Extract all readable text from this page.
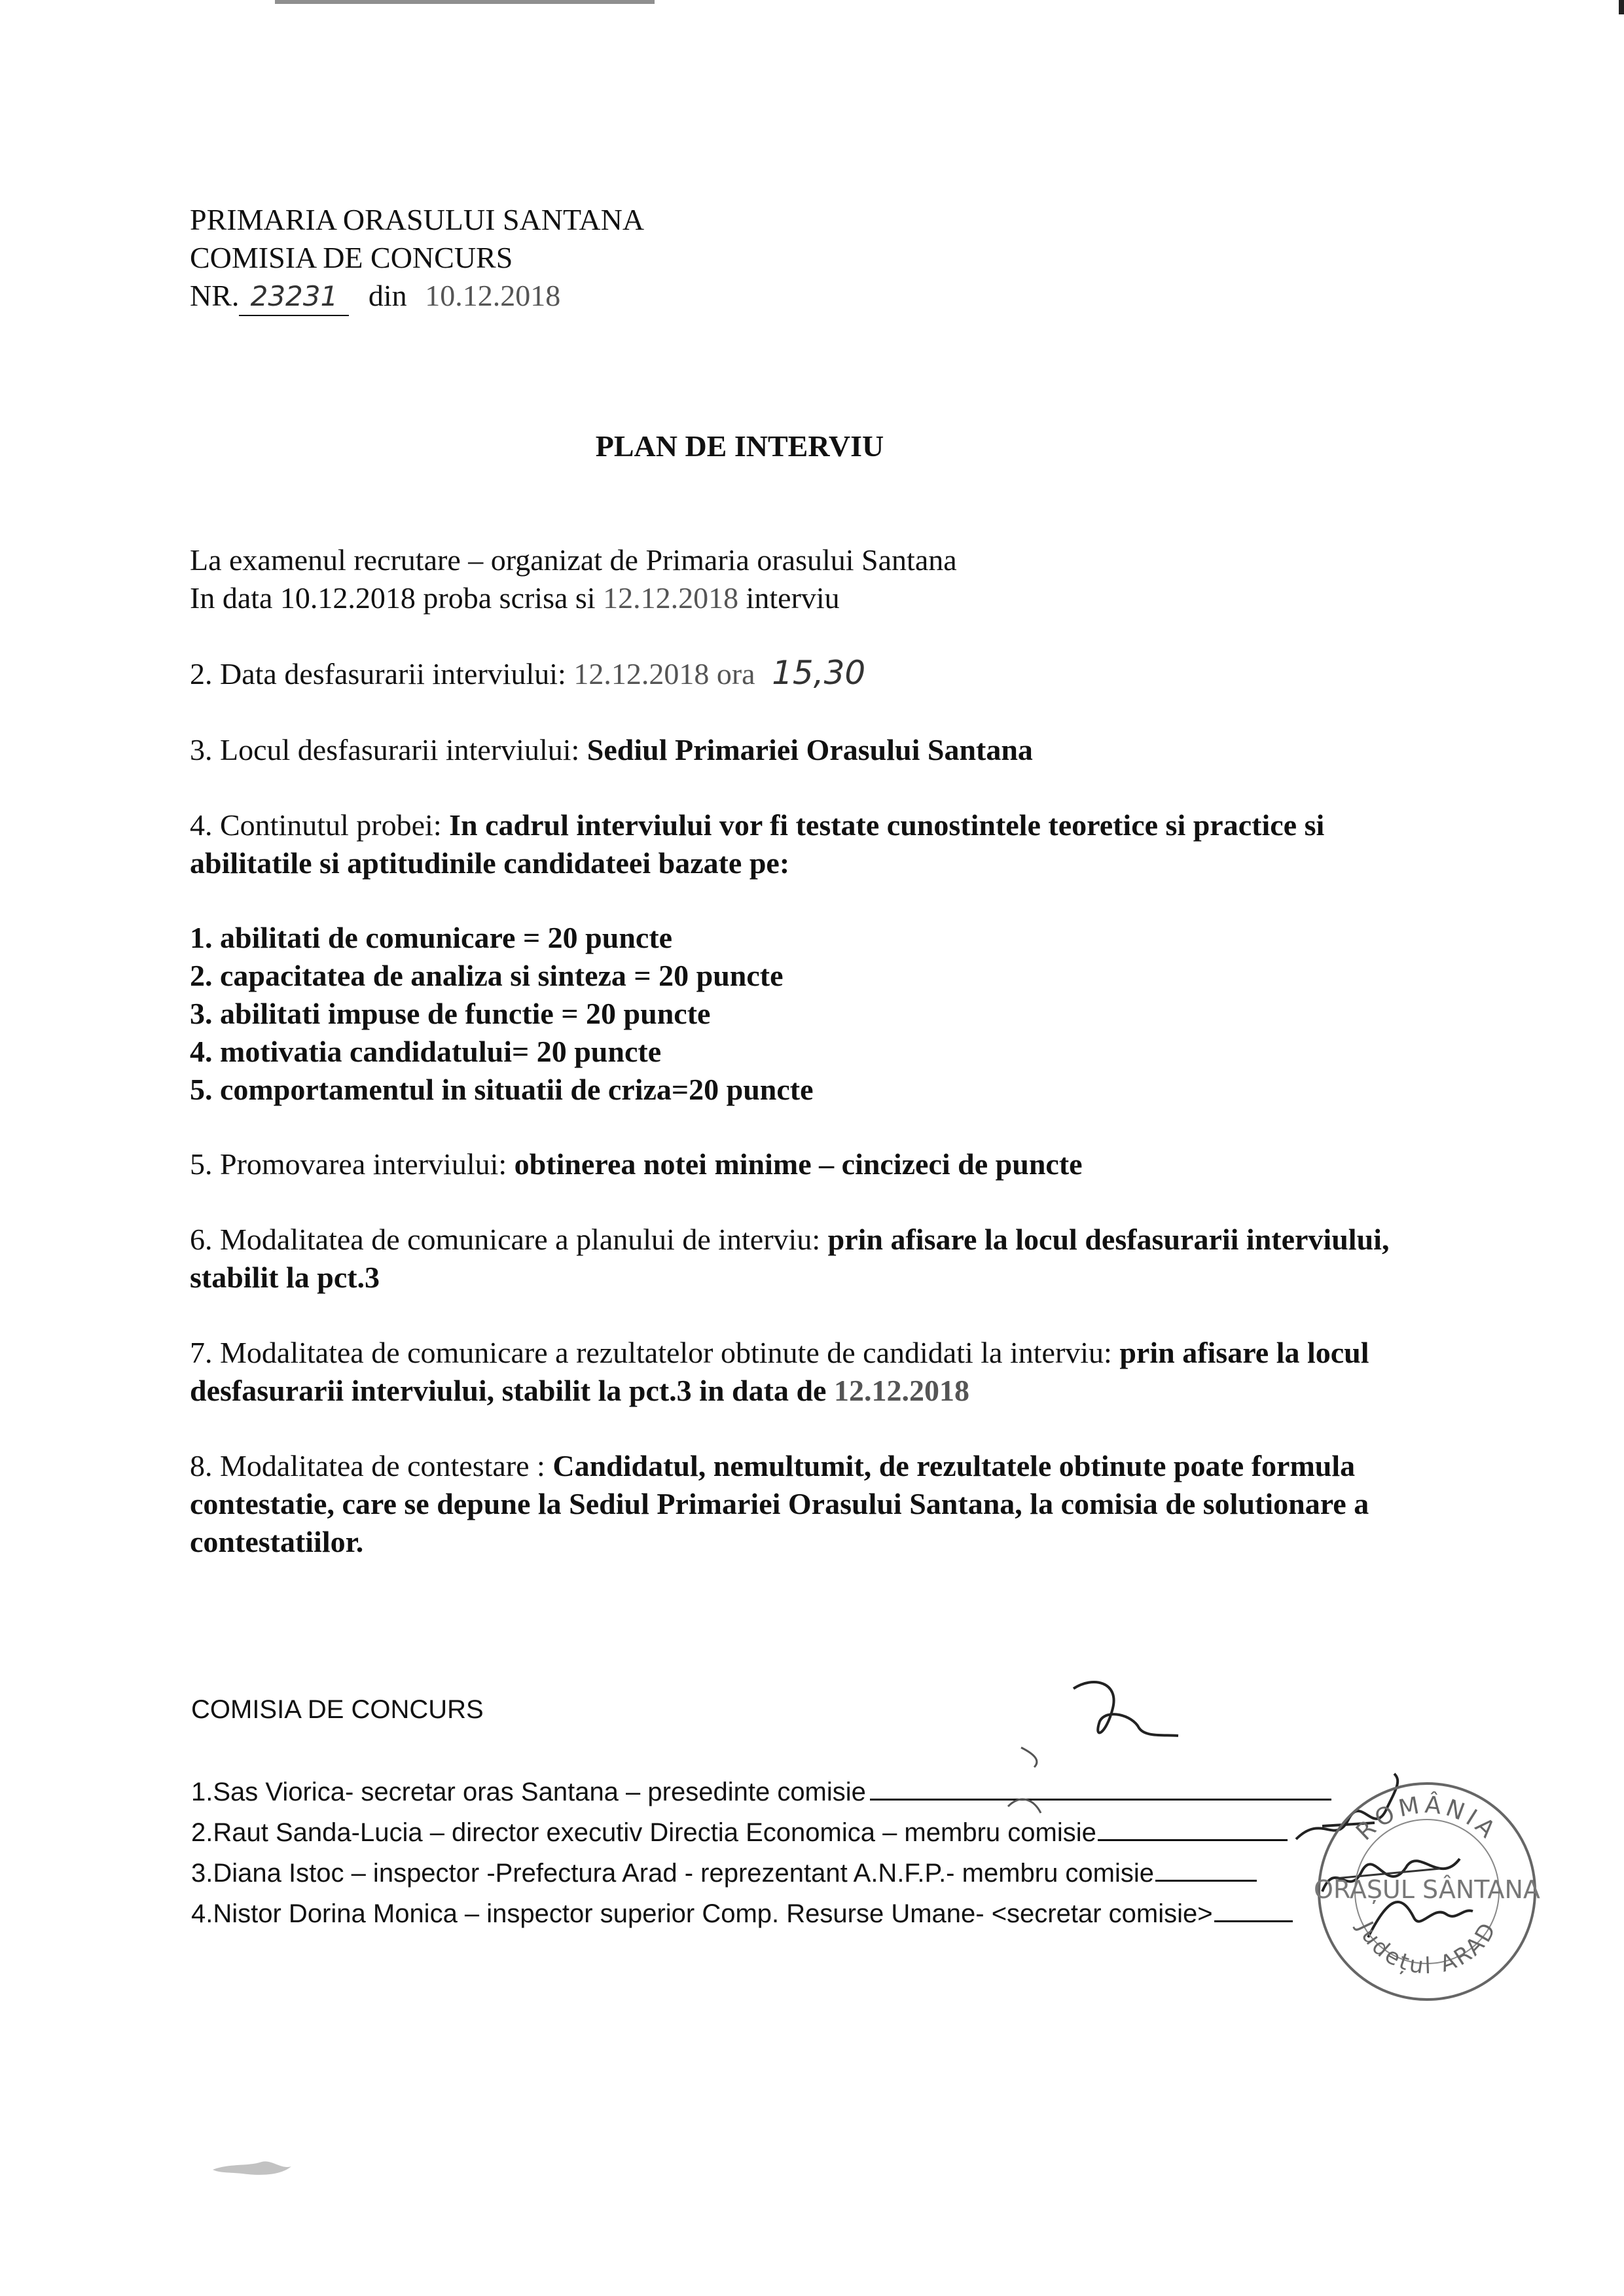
PRIMARIA ORASULUI SANTANA
COMISIA DE CONCURS
NR. 23231 din 10.12.2018
PLAN DE INTERVIU
La examenul recrutare – organizat de Primaria orasului Santana
In data 10.12.2018 proba scrisa si 12.12.2018 interviu
2. Data desfasurarii interviului: 12.12.2018 ora 15,30
3. Locul desfasurarii interviului: Sediul Primariei Orasului Santana
4. Continutul probei: In cadrul interviului vor fi testate cunostintele teoretice si practice si
abilitatile si aptitudinile candidateei bazate pe:
1. abilitati de comunicare = 20 puncte
2. capacitatea de analiza si sinteza = 20 puncte
3. abilitati impuse de functie = 20 puncte
4. motivatia candidatului= 20 puncte
5. comportamentul in situatii de criza=20 puncte
5. Promovarea interviului: obtinerea notei minime – cincizeci de puncte
6. Modalitatea de comunicare a planului de interviu: prin afisare la locul desfasurarii interviului,
stabilit la pct.3
7. Modalitatea de comunicare a rezultatelor obtinute de candidati la interviu: prin afisare la locul
desfasurarii interviului, stabilit la pct.3 in data de 12.12.2018
8. Modalitatea de contestare : Candidatul, nemultumit, de rezultatele obtinute poate formula
contestatie, care se depune la Sediul Primariei Orasului Santana, la comisia de solutionare a
contestatiilor.
COMISIA DE CONCURS
1.Sas Viorica- secretar oras Santana – presedinte comisie
2.Raut Sanda-Lucia – director executiv Directia Economica – membru comisie
3.Diana Istoc – inspector -Prefectura Arad - reprezentant A.N.F.P.- membru comisie
4.Nistor Dorina Monica – inspector superior Comp. Resurse Umane- <secretar comisie>
ROMÂNIA
ORAȘUL SÂNTANA
Județul ARAD
